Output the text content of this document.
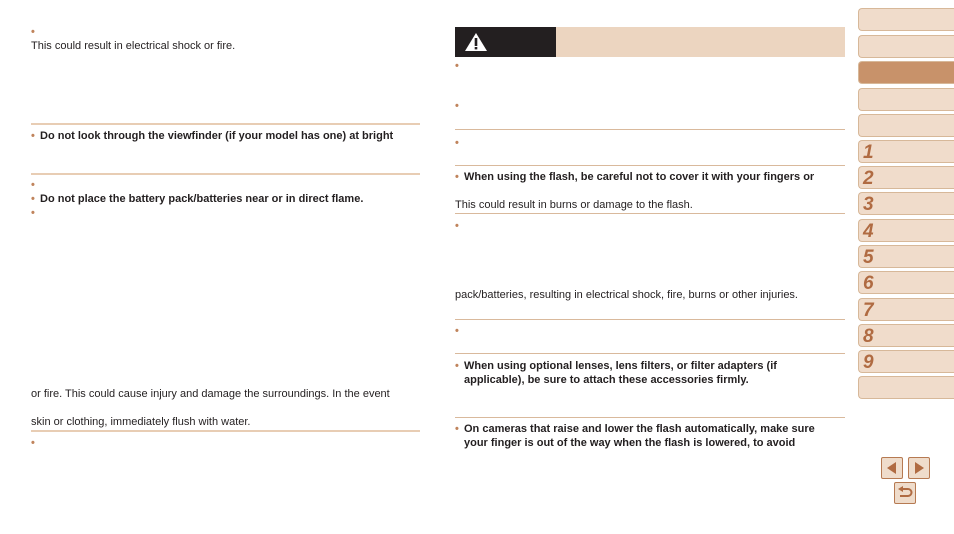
•
This could result in electrical shock or fire.
• Do not look through the viewfinder (if your model has one) at bright
•
• Do not place the battery pack/batteries near or in direct flame.
•
or fire. This could cause injury and damage the surroundings. In the event
skin or clothing, immediately flush with water.
•
•
•
•
• When using the flash, be careful not to cover it with your fingers or
This could result in burns or damage to the flash.
•
pack/batteries, resulting in electrical shock, fire, burns or other injuries.
•
• When using optional lenses, lens filters, or filter adapters (if
applicable), be sure to attach these accessories firmly.
• On cameras that raise and lower the flash automatically, make sure
your finger is out of the way when the flash is lowered, to avoid
1
2
3
4
5
6
7
8
9
